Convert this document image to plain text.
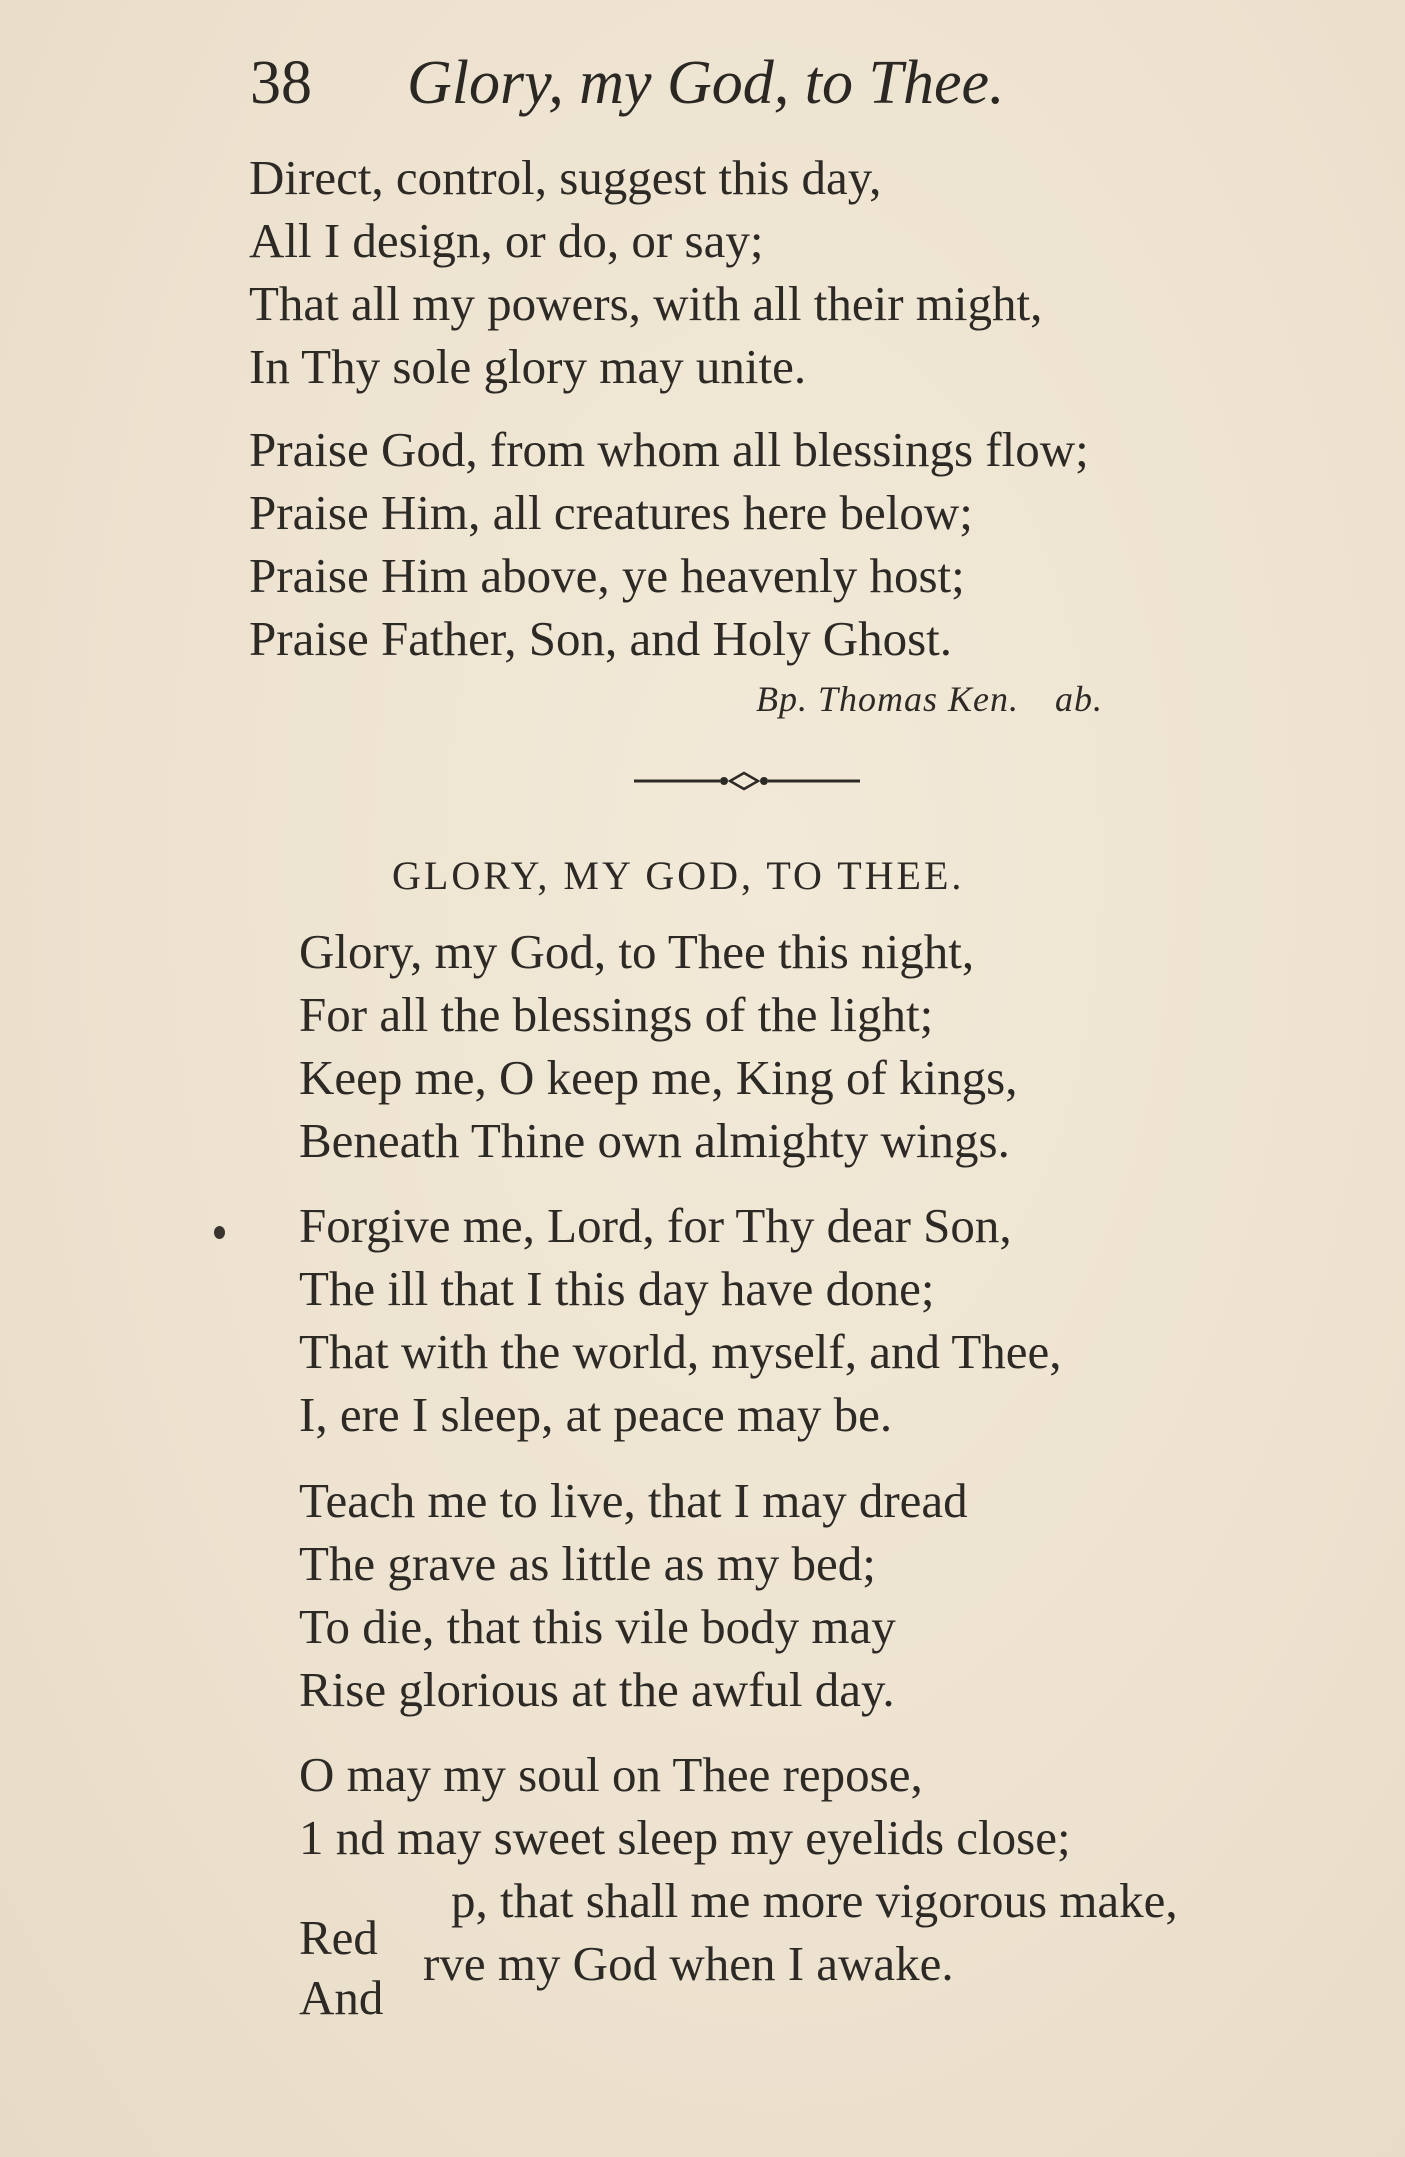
38 Glory, my God, to Thee.
Direct, control, suggest this day,
All I design, or do, or say;
That all my powers, with all their might,
In Thy sole glory may unite.
Praise God, from whom all blessings flow;
Praise Him, all creatures here below;
Praise Him above, ye heavenly host;
Praise Father, Son, and Holy Ghost.
Bp. Thomas Ken. ab.
GLORY, MY GOD, TO THEE.
Glory, my God, to Thee this night,
For all the blessings of the light;
Keep me, O keep me, King of kings,
Beneath Thine own almighty wings.
Forgive me, Lord, for Thy dear Son,
The ill that I this day have done;
That with the world, myself, and Thee,
I, ere I sleep, at peace may be.
Teach me to live, that I may dread
The grave as little as my bed;
To die, that this vile body may
Rise glorious at the awful day.
O may my soul on Thee repose,
1 nd may sweet sleep my eyelids close;
p, that shall me more vigorous make,
rve my God when I awake.
Red
And
